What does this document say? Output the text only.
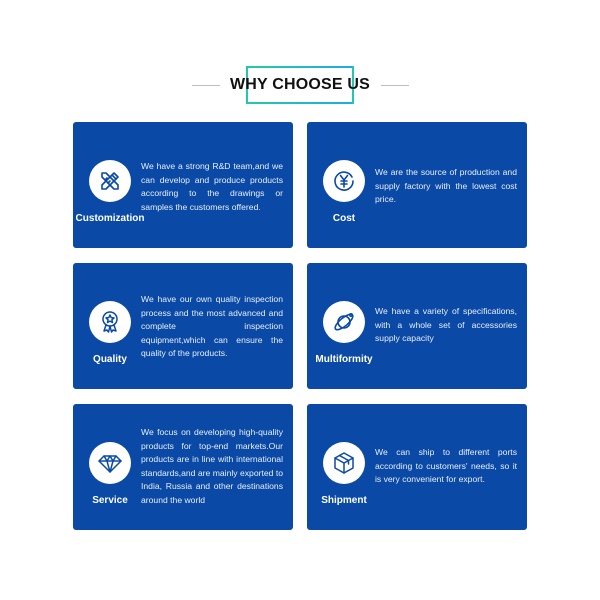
WHY CHOOSE US
Customization
We have a strong R&D team,and we can develop and produce products according to the drawings or samples the customers offered.
Cost
We are the source of production and supply factory with the lowest cost price.
Quality
We have our own quality inspection process and the most advanced and complete inspection equipment,which can ensure the quality of the products.
Multiformity
We have a variety of specifications, with a whole set of accessories supply capacity
Service
We focus on developing high-quality products for top-end markets.Our products are in line with international standards,and are mainly exported to India, Russia and other destinations around the world	Shipment
We can ship to different ports according to customers' needs, so it is very convenient for export.
